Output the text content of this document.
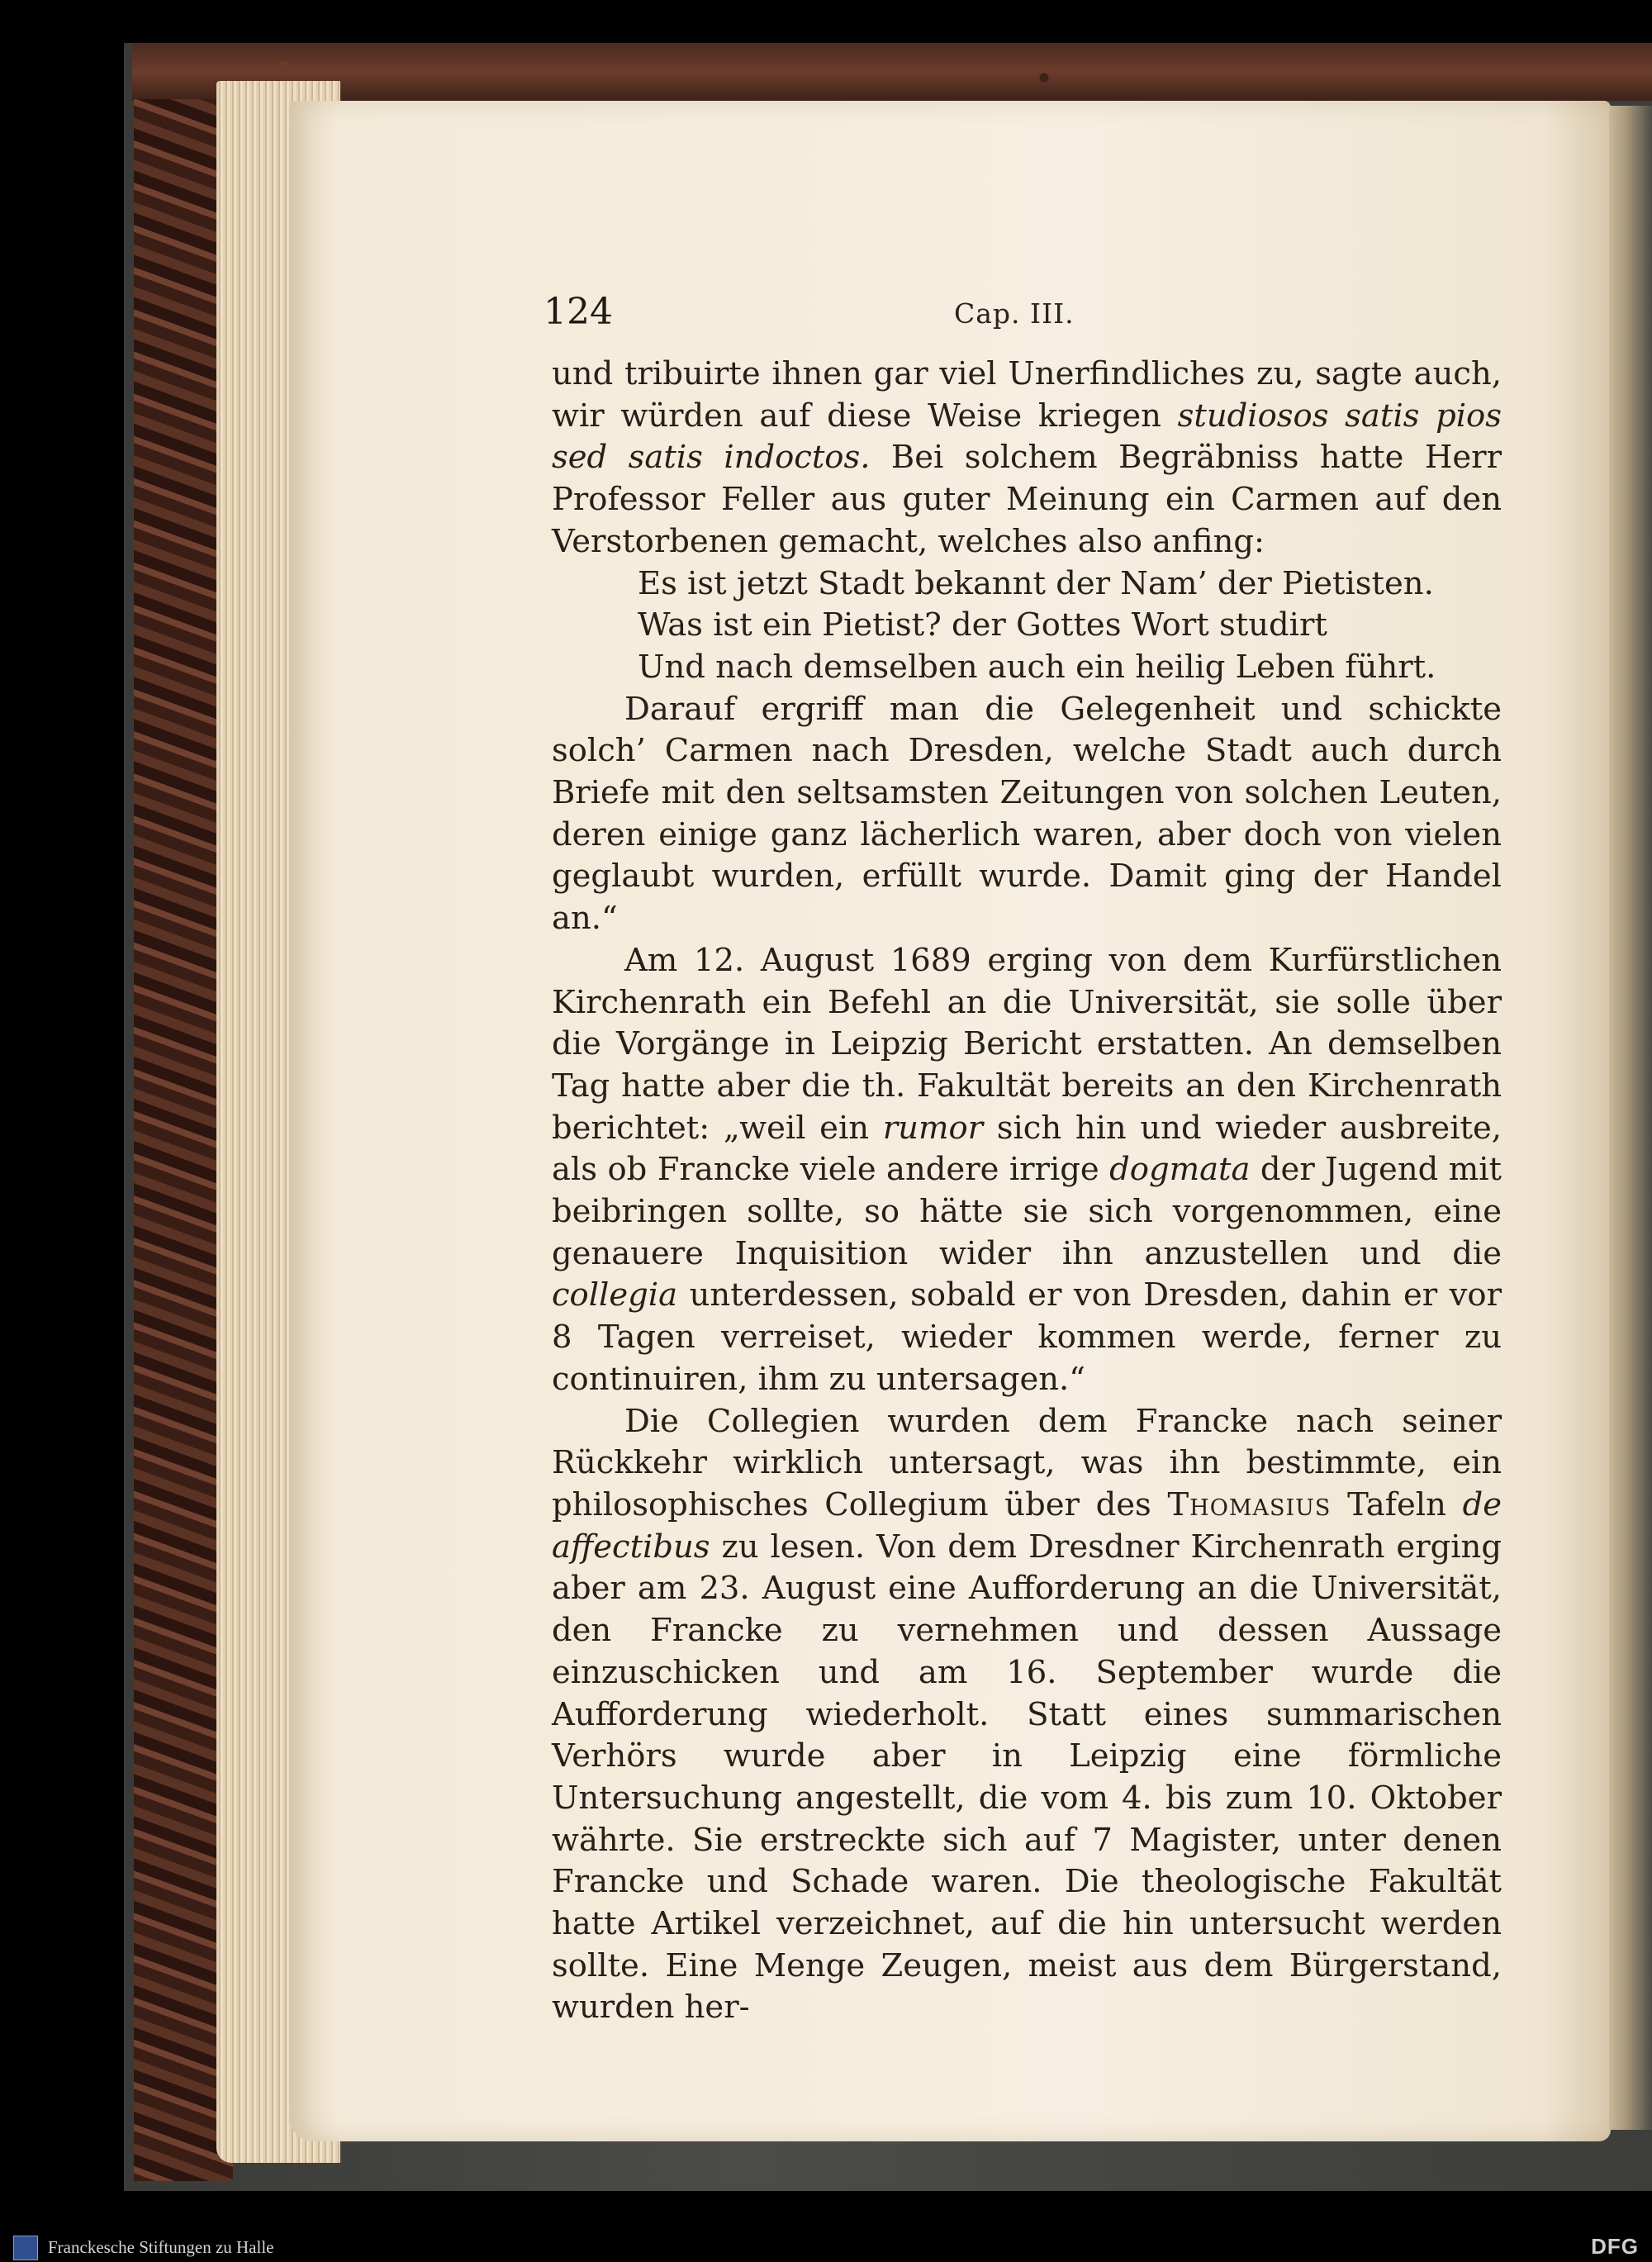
124	Cap. III.

und tribuirte ihnen gar viel Unerfindliches zu, sagte auch, wir würden auf diese Weise kriegen studiosos satis pios sed satis indoctos. Bei solchem Begräbniss hatte Herr Professor Feller aus guter Meinung ein Carmen auf den Verstorbenen gemacht, welches also anfing:

Es ist jetzt Stadt bekannt der Nam’ der Pietisten.
Was ist ein Pietist? der Gottes Wort studirt
Und nach demselben auch ein heilig Leben führt.

Darauf ergriff man die Gelegenheit und schickte solch’ Carmen nach Dresden, welche Stadt auch durch Briefe mit den seltsamsten Zeitungen von solchen Leuten, deren einige ganz lächerlich waren, aber doch von vielen geglaubt wurden, erfüllt wurde. Damit ging der Handel an.“

Am 12. August 1689 erging von dem Kurfürstlichen Kirchenrath ein Befehl an die Universität, sie solle über die Vorgänge in Leipzig Bericht erstatten. An demselben Tag hatte aber die th. Fakultät bereits an den Kirchenrath berichtet: „weil ein rumor sich hin und wieder ausbreite, als ob Francke viele andere irrige dogmata der Jugend mit beibringen sollte, so hätte sie sich vorgenommen, eine genauere Inquisition wider ihn anzustellen und die collegia unterdessen, sobald er von Dresden, dahin er vor 8 Tagen verreiset, wieder kommen werde, ferner zu continuiren, ihm zu untersagen.“

Die Collegien wurden dem Francke nach seiner Rückkehr wirklich untersagt, was ihn bestimmte, ein philosophisches Collegium über des Thomasius Tafeln de affectibus zu lesen. Von dem Dresdner Kirchenrath erging aber am 23. August eine Aufforderung an die Universität, den Francke zu vernehmen und dessen Aussage einzuschicken und am 16. September wurde die Aufforderung wiederholt. Statt eines summarischen Verhörs wurde aber in Leipzig eine förmliche Untersuchung angestellt, die vom 4. bis zum 10. Oktober währte. Sie erstreckte sich auf 7 Magister, unter denen Francke und Schade waren. Die theologische Fakultät hatte Artikel verzeichnet, auf die hin untersucht werden sollte. Eine Menge Zeugen, meist aus dem Bürgerstand, wurden her-

Franckesche Stiftungen zu Halle	DFG
